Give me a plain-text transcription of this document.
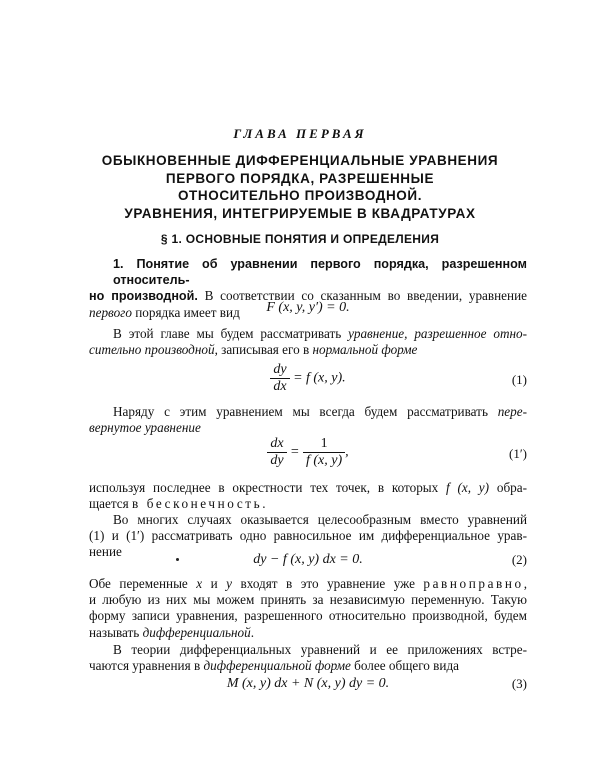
ГЛАВА ПЕРВАЯ
ОБЫКНОВЕННЫЕ ДИФФЕРЕНЦИАЛЬНЫЕ УРАВНЕНИЯ
ПЕРВОГО ПОРЯДКА, РАЗРЕШЕННЫЕ
ОТНОСИТЕЛЬНО ПРОИЗВОДНОЙ.
УРАВНЕНИЯ, ИНТЕГРИРУЕМЫЕ В КВАДРАТУРАХ
§ 1. ОСНОВНЫЕ ПОНЯТИЯ И ОПРЕДЕЛЕНИЯ
1. Понятие об уравнении первого порядка, разрешенном относитель-
но производной. В соответствии со сказанным во введении, уравнение
первого порядка имеет вид	F (x, y, y′) = 0.
В этой главе мы будем рассматривать уравнение, разрешенное отно-
сительно производной, записывая его в нормальной форме
$\frac{dy}{dx} = f$ (x, y).	(1)
Наряду с этим уравнением мы всегда будем рассматривать пере-
вернутое уравнение
$\frac{dx}{dy} = \frac{1}{f (x, y)}$ ,	(1′)
используя последнее в окрестности тех точек, в которых f (x, y) обра-
щается в бесконечность.
Во многих случаях оказывается целесообразным вместо уравнений
(1) и (1′) рассматривать одно равносильное им дифференциальное урав-
нение
dy − f (x, y) dx = 0.	(2)
Обе переменные x и y входят в это уравнение уже равноправно,
и любую из них мы можем принять за независимую переменную. Такую
форму записи уравнения, разрешенного относительно производной, будем
называть дифференциальной.
В теории дифференциальных уравнений и ее приложениях встре-
чаются уравнения в дифференциальной форме более общего вида
M (x, y) dx + N (x, y) dy = 0.	(3)
